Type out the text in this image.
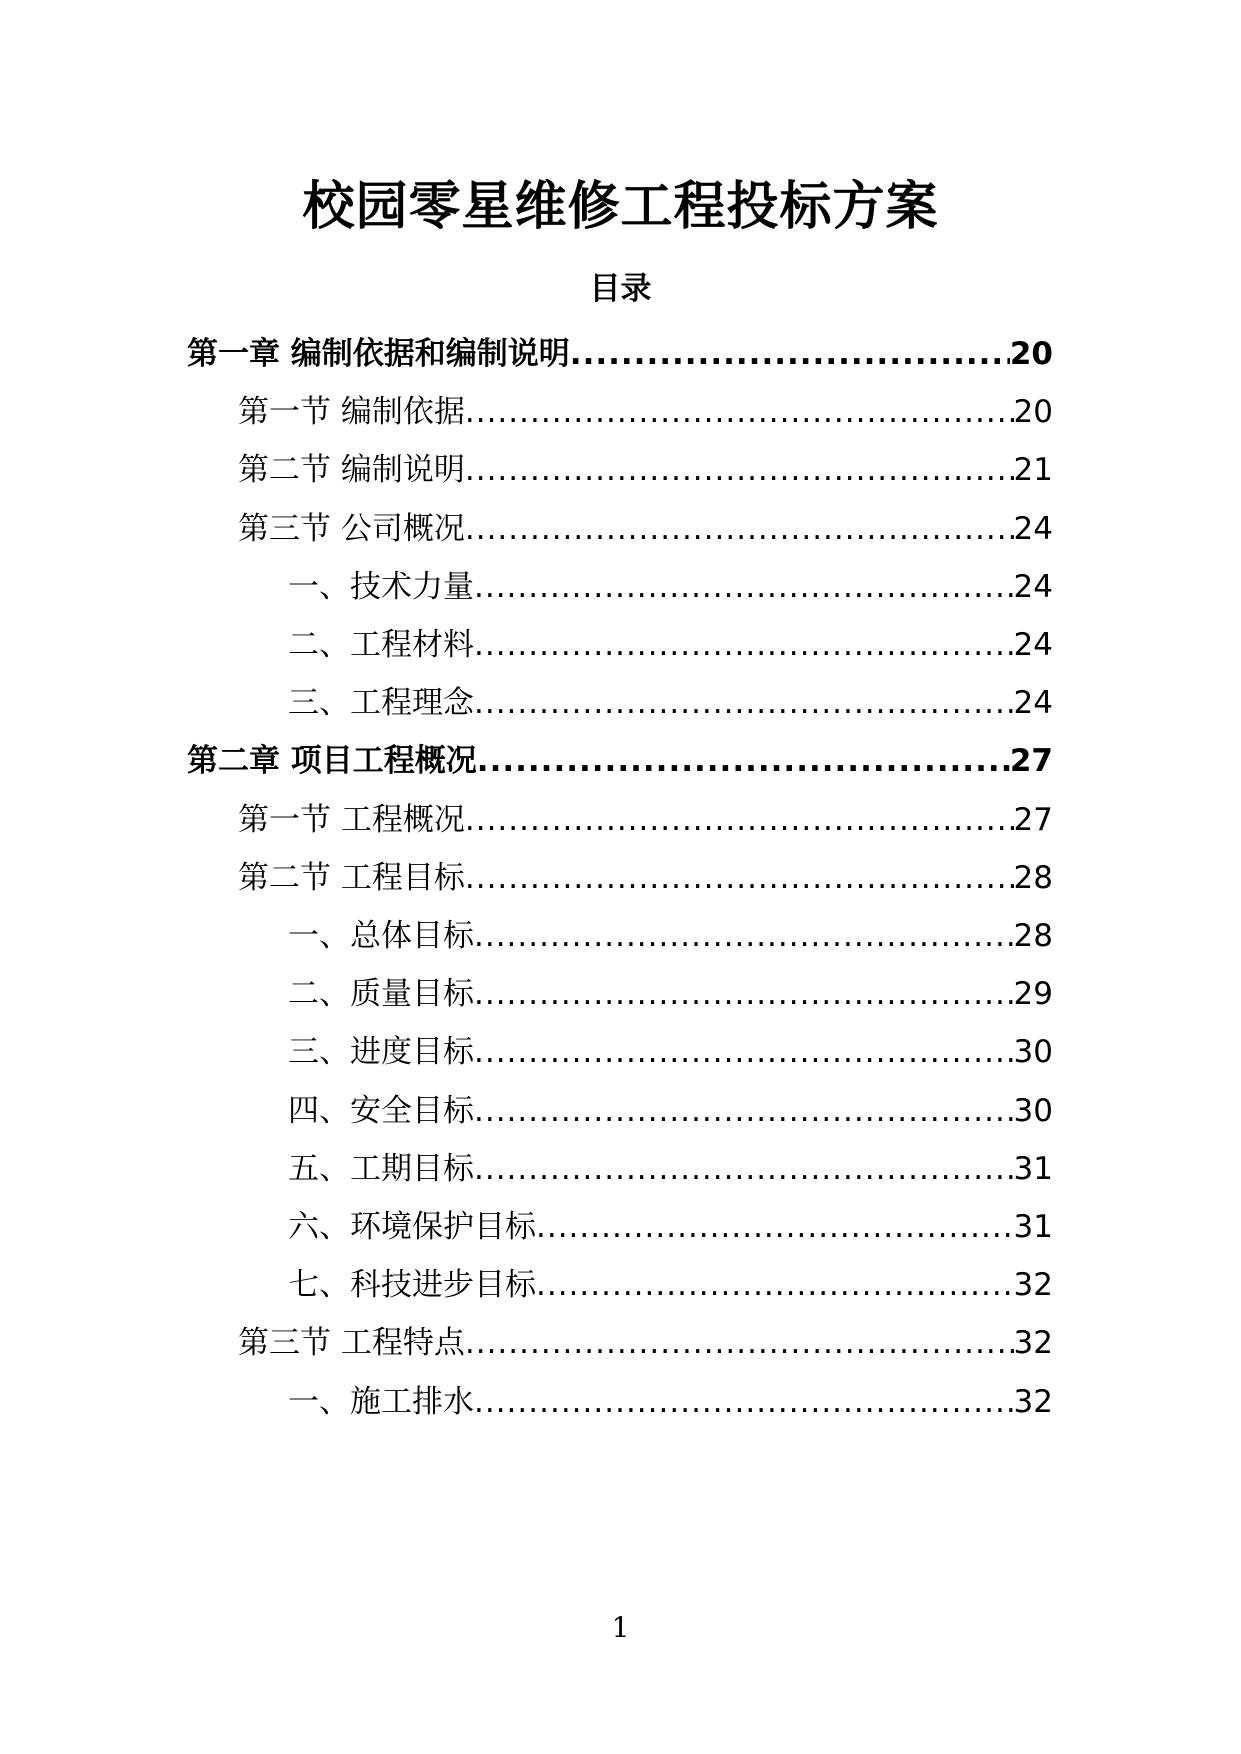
校园零星维修工程投标方案
目录
第一章 编制依据和编制说明 .....	20
第一节 编制依据 .....	20
第二节 编制说明 .....	21
第三节 公司概况 .....	24
一、技术力量 .....	24
二、工程材料 .....	24
三、工程理念 .....	24
第二章 项目工程概况 .....	27
第一节 工程概况 .....	27
第二节 工程目标 .....	28
一、总体目标 .....	28
二、质量目标 .....	29
三、进度目标 .....	30
四、安全目标 .....	30
五、工期目标 .....	31
六、环境保护目标 .....	31
七、科技进步目标 .....	32
第三节 工程特点 .....	32
一、施工排水 .....	32
1
